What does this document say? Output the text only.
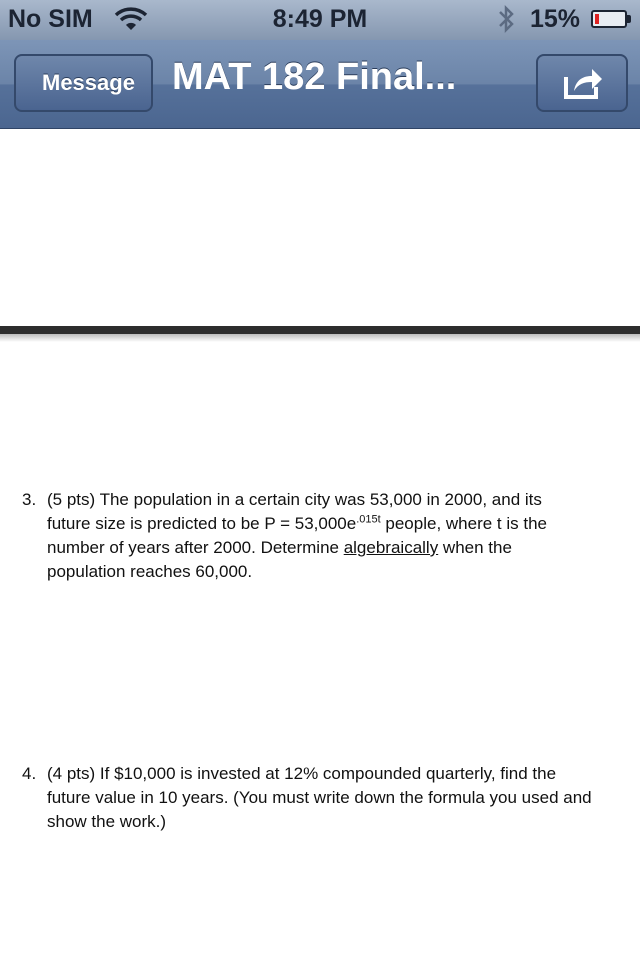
No SIM	8:49 PM	15%
Message MAT 182 Final...
3. (5 pts) The population in a certain city was 53,000 in 2000, and its
future size is predicted to be $P = 53,000e^{.015t}$ people, where t is the
number of years after 2000. Determine algebraically when the
population reaches 60,000.
4. (4 pts) If $10,000 is invested at 12% compounded quarterly, find the
future value in 10 years. (You must write down the formula you used and
show the work.)
